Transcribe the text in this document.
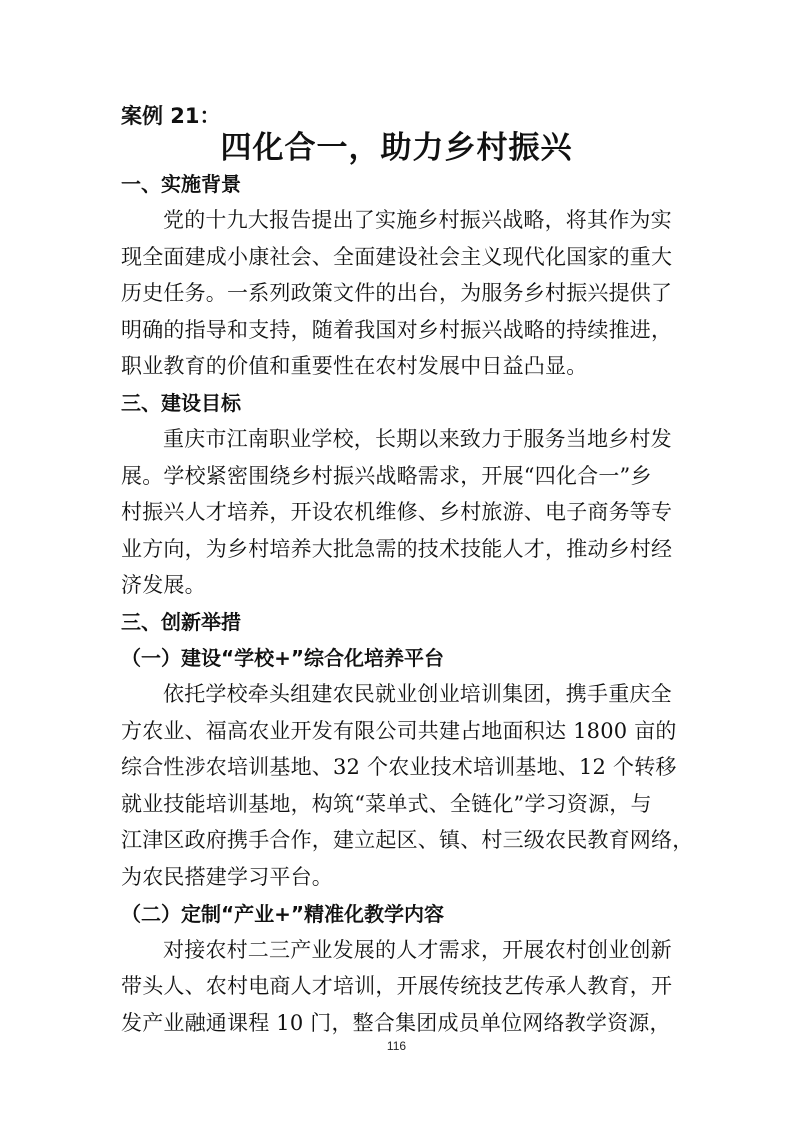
案例 21：
四化合一，助力乡村振兴
一、实施背景
党的十九大报告提出了实施乡村振兴战略，将其作为实
现全面建成小康社会、全面建设社会主义现代化国家的重大
历史任务。一系列政策文件的出台，为服务乡村振兴提供了
明确的指导和支持，随着我国对乡村振兴战略的持续推进，
职业教育的价值和重要性在农村发展中日益凸显。
三、建设目标
重庆市江南职业学校，长期以来致力于服务当地乡村发
展。学校紧密围绕乡村振兴战略需求，开展“四化合一”乡
村振兴人才培养，开设农机维修、乡村旅游、电子商务等专
业方向，为乡村培养大批急需的技术技能人才，推动乡村经
济发展。
三、创新举措
（一）建设“学校+”综合化培养平台
依托学校牵头组建农民就业创业培训集团，携手重庆全
方农业、福高农业开发有限公司共建占地面积达 1800 亩的
综合性涉农培训基地、32 个农业技术培训基地、12 个转移
就业技能培训基地，构筑“菜单式、全链化”学习资源，与
江津区政府携手合作，建立起区、镇、村三级农民教育网络，
为农民搭建学习平台。
（二）定制“产业+”精准化教学内容
对接农村二三产业发展的人才需求，开展农村创业创新
带头人、农村电商人才培训，开展传统技艺传承人教育，开
发产业融通课程 10 门，整合集团成员单位网络教学资源，
116
